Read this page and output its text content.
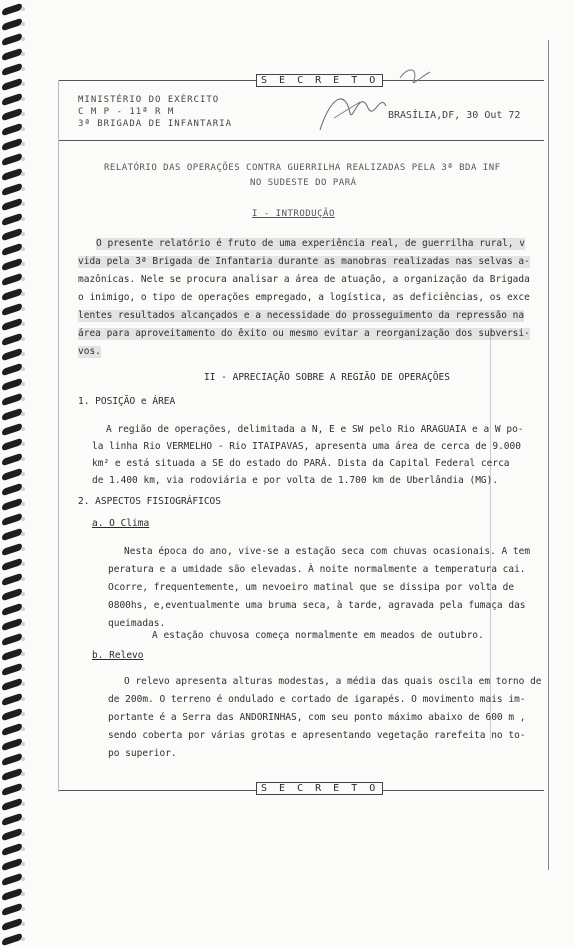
S E C R E T O
S E C R E T O
MINISTÉRIO DO EXÉRCITO
C M P - 11ª R M
3ª BRIGADA DE INFANTARIA
BRASÍLIA,DF, 30 Out 72
RELATÓRIO DAS OPERAÇÕES CONTRA GUERRILHA REALIZADAS PELA 3ª BDA INF
NO SUDESTE DO PARÁ
I - INTRODUÇÃO
O presente relatório é fruto de uma experiência real, de guerrilha rural, v
vida pela 3ª Brigada de Infantaria durante as manobras realizadas nas selvas a-
mazônicas. Nele se procura analisar a área de atuação, a organização da Brigada
o inimigo, o tipo de operações empregado, a logística, as deficiências, os exce
lentes resultados alcançados e a necessidade do prosseguimento da repressão na
área para aproveitamento do êxito ou mesmo evitar a reorganização dos subversi-
vos.
II - APRECIAÇÃO SOBRE A REGIÃO DE OPERAÇÕES
1. POSIÇÃO e ÁREA
A região de operações, delimitada a N, E e SW pelo Rio ARAGUAIA e a W po-
la linha Rio VERMELHO - Rio ITAIPAVAS, apresenta uma área de cerca de 9.000
km² e está situada a SE do estado do PARÁ. Dista da Capital Federal cerca
de 1.400 km, via rodoviária e por volta de 1.700 km de Uberlândia (MG).
2. ASPECTOS FISIOGRÁFICOS
a. O Clima
Nesta época do ano, vive-se a estação seca com chuvas ocasionais. A tem
peratura e a umidade são elevadas. À noite normalmente a temperatura cai.
Ocorre, frequentemente, um nevoeiro matinal que se dissipa por volta de
0800hs, e,eventualmente uma bruma seca, à tarde, agravada pela fumaça das
queimadas.
A estação chuvosa começa normalmente em meados de outubro.
b. Relevo
O relevo apresenta alturas modestas, a média das quais oscila em torno de
de 200m. O terreno é ondulado e cortado de igarapés. O movimento mais im-
portante é a Serra das ANDORINHAS, com seu ponto máximo abaixo de 600 m ,
sendo coberta por várias grotas e apresentando vegetação rarefeita no to-
po superior.
